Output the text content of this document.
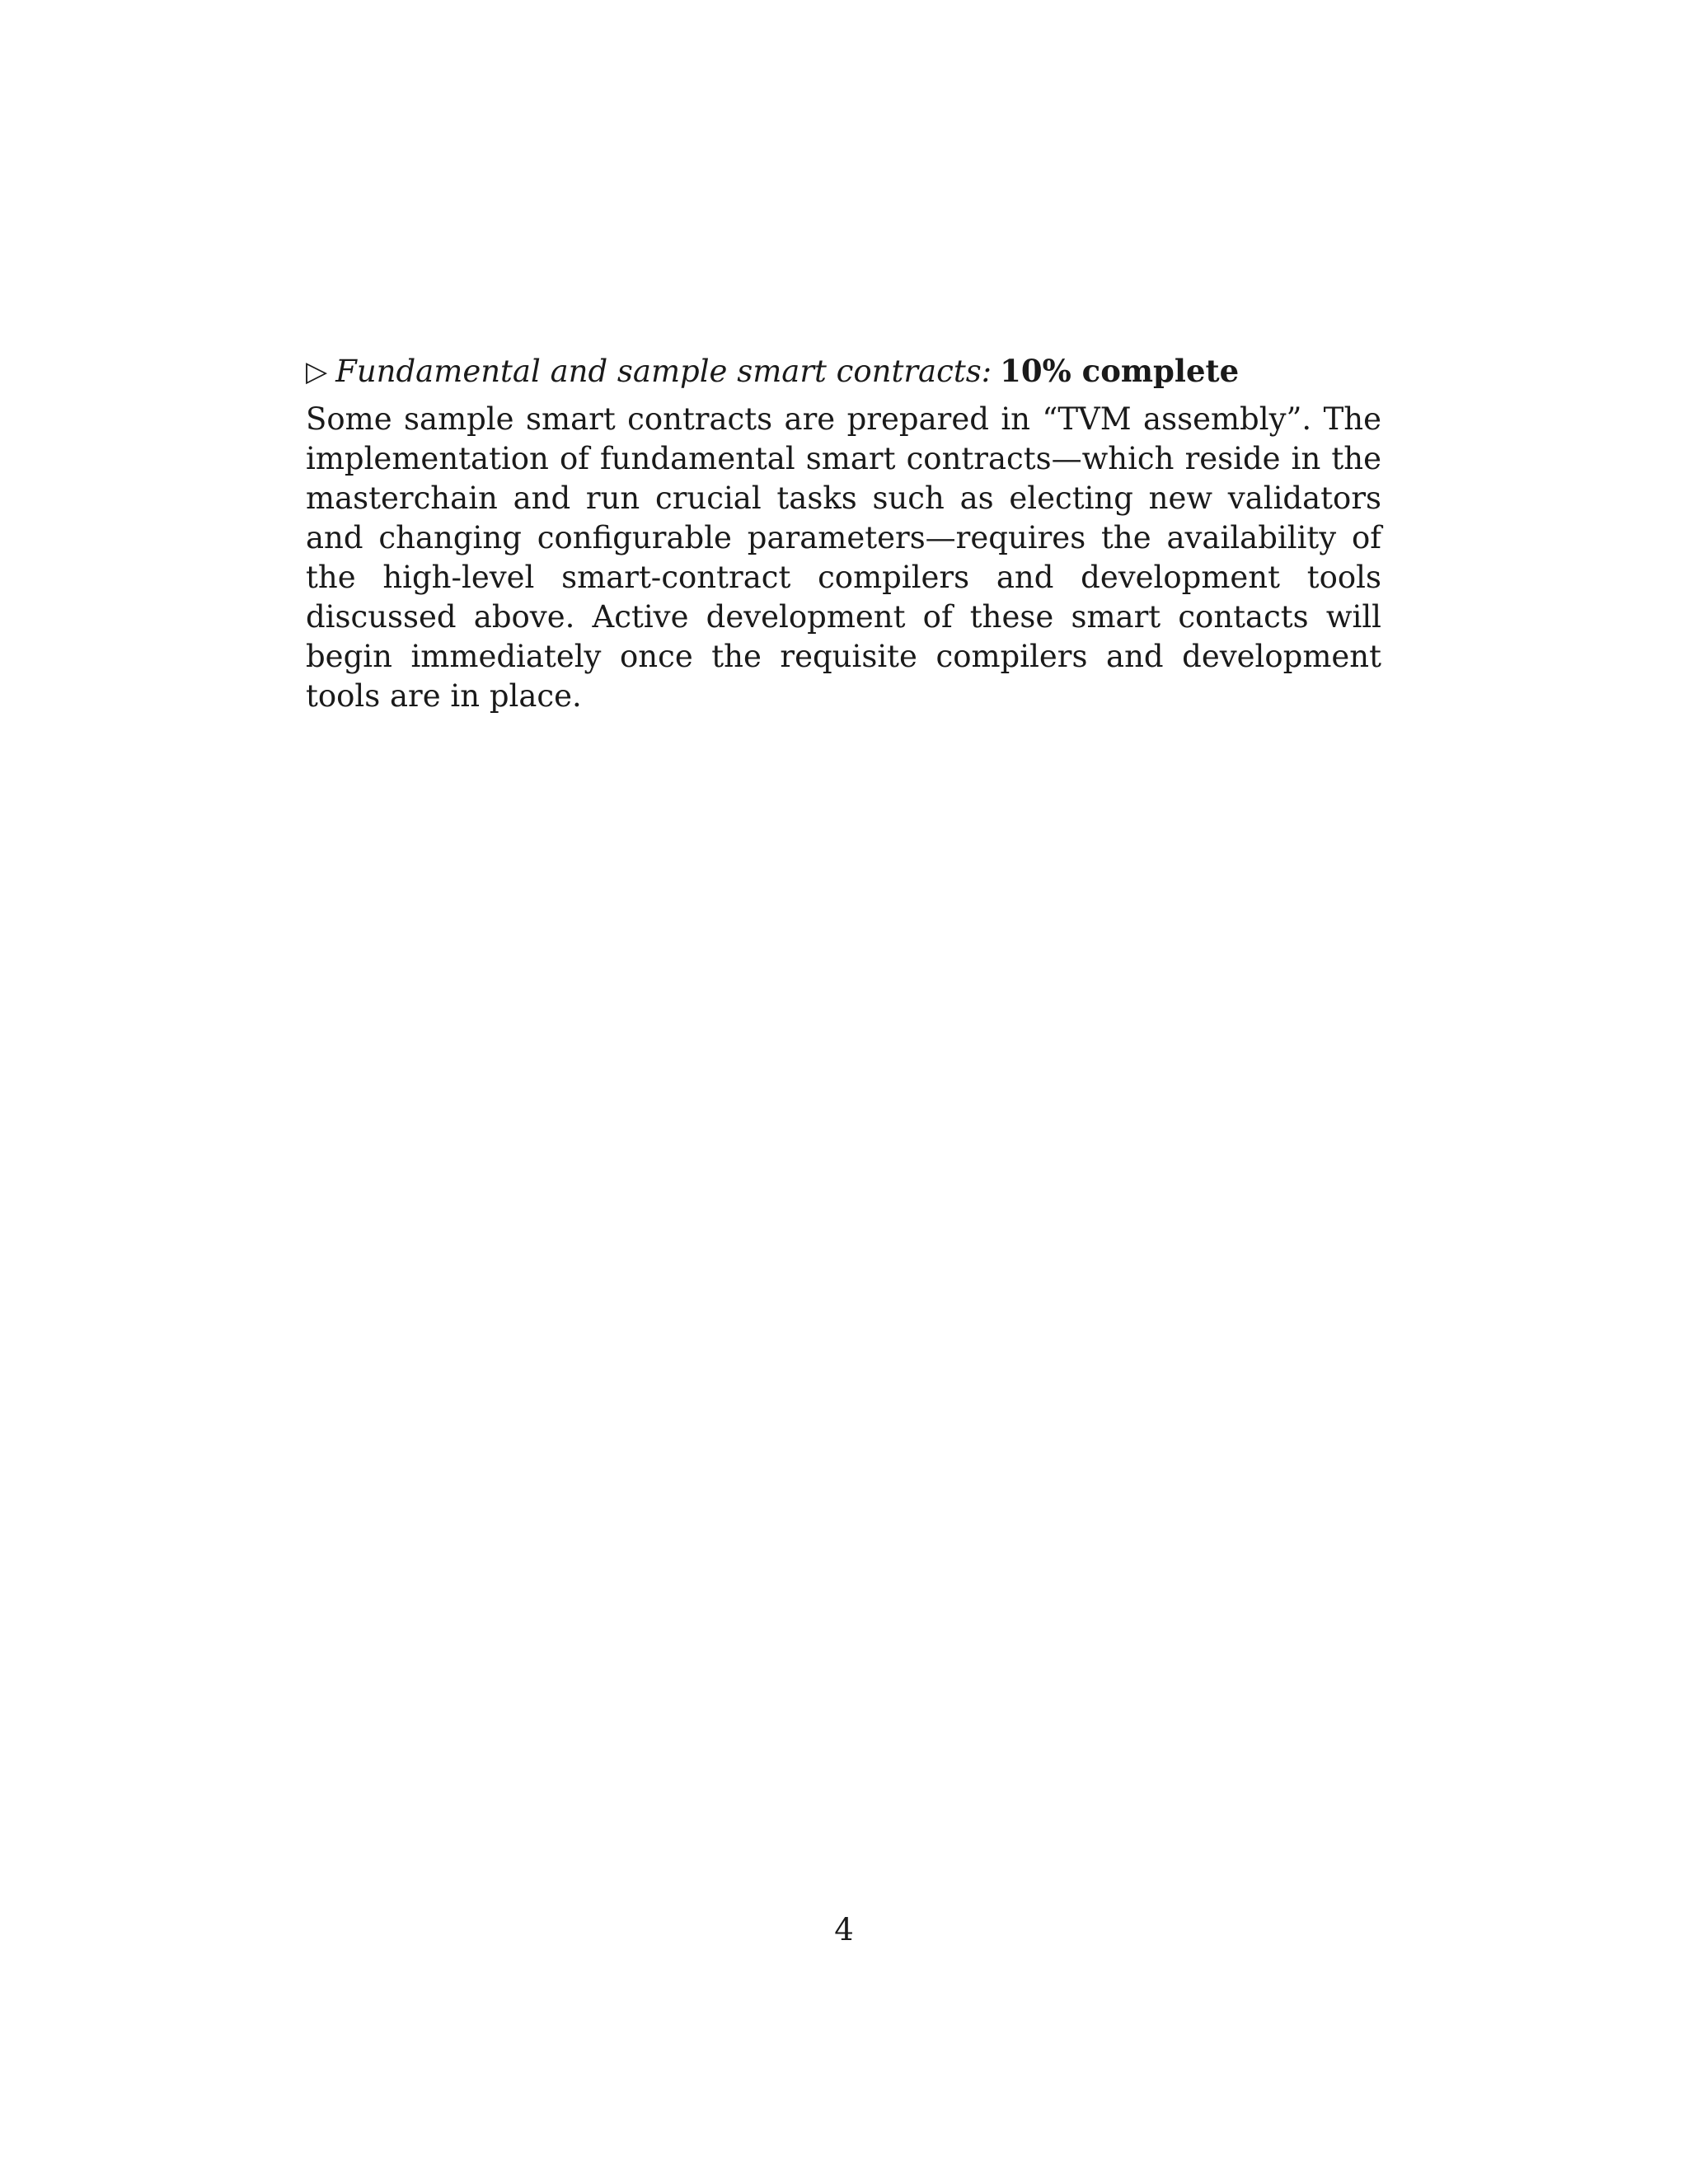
▷ Fundamental and sample smart contracts: 10% complete

Some sample smart contracts are prepared in “TVM assembly”. The implementation of fundamental smart contracts—which reside in the masterchain and run crucial tasks such as electing new validators and changing configurable parameters—requires the availability of the high-level smart-contract compilers and development tools discussed above. Active development of these smart contacts will begin immediately once the requisite compilers and development tools are in place.

4
